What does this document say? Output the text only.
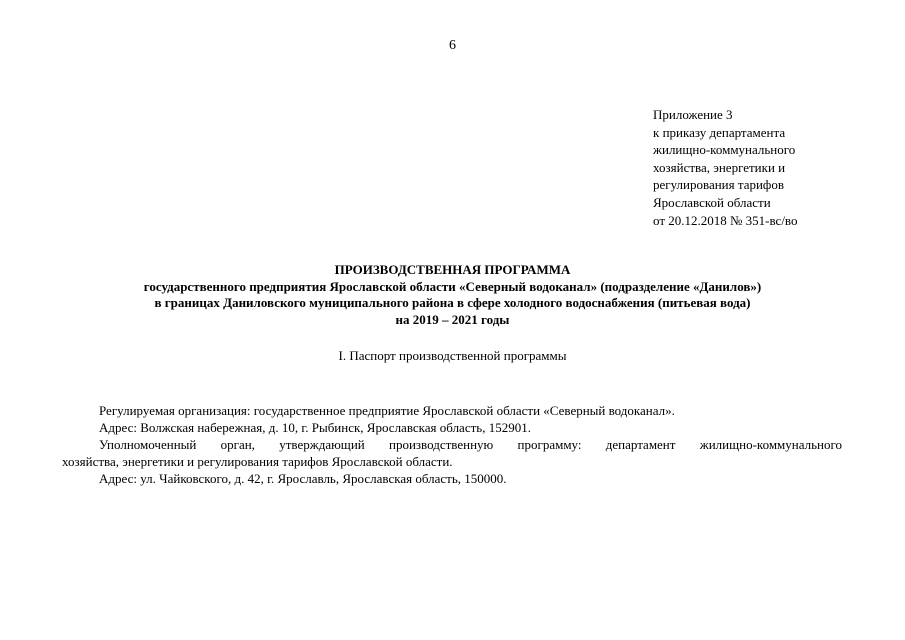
6
Приложение 3
к приказу департамента
жилищно-коммунального
хозяйства, энергетики и
регулирования тарифов
Ярославской области
от 20.12.2018 № 351-вс/во
ПРОИЗВОДСТВЕННАЯ ПРОГРАММА
государственного предприятия Ярославской области «Северный водоканал» (подразделение «Данилов»)
в границах Даниловского муниципального района в сфере холодного водоснабжения (питьевая вода)
на 2019 – 2021 годы
I. Паспорт производственной программы

Регулируемая организация: государственное предприятие Ярославской области «Северный водоканал».

Адрес: Волжская набережная, д. 10, г. Рыбинск, Ярославская область, 152901.

Уполномоченный орган, утверждающий производственную программу: департамент жилищно-коммунального
хозяйства, энергетики и регулирования тарифов Ярославской области.

Адрес: ул. Чайковского, д. 42, г. Ярославль, Ярославская область, 150000.
